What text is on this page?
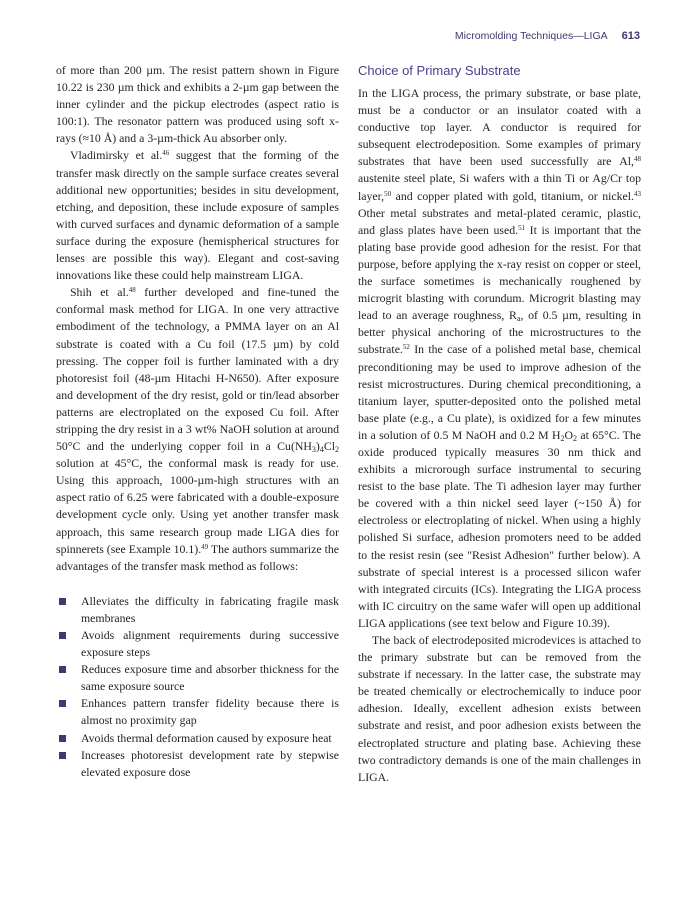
Micromolding Techniques—LIGA 613

of more than 200 µm. The resist pattern shown in Figure 10.22 is 230 µm thick and exhibits a 2-µm gap between the inner cylinder and the pickup electrodes (aspect ratio is 100:1). The resonator pattern was produced using soft x-rays (≈10 Å) and a 3-µm-thick Au absorber only.

Vladimirsky et al.$^{46}$ suggest that the forming of the transfer mask directly on the sample surface creates several additional new opportunities; besides in situ development, etching, and deposition, these include exposure of samples with curved surfaces and dynamic deformation of a sample surface during the exposure (hemispherical structures for lenses are possible this way). Elegant and cost-saving innovations like these could help mainstream LIGA.

Shih et al.$^{48}$ further developed and fine-tuned the conformal mask method for LIGA. In one very attractive embodiment of the technology, a PMMA layer on an Al substrate is coated with a Cu foil (17.5 µm) by cold pressing. The copper foil is further laminated with a dry photoresist foil (48-µm Hitachi H-N650). After exposure and development of the dry resist, gold or tin/lead absorber patterns are electroplated on the exposed Cu foil. After stripping the dry resist in a 3 wt% NaOH solution at around 50°C and the underlying copper foil in a $Cu(NH_3)_4Cl_2$ solution at 45°C, the conformal mask is ready for use. Using this approach, 1000-µm-high structures with an aspect ratio of 6.25 were fabricated with a double-exposure development cycle only. Using yet another transfer mask approach, this same research group made LIGA dies for spinnerets (see Example 10.1).$^{49}$ The authors summarize the advantages of the transfer mask method as follows:

Alleviates the difficulty in fabricating fragile mask membranes
Avoids alignment requirements during successive exposure steps
Reduces exposure time and absorber thickness for the same exposure source
Enhances pattern transfer fidelity because there is almost no proximity gap
Avoids thermal deformation caused by exposure heat
Increases photoresist development rate by stepwise elevated exposure dose
Choice of Primary Substrate

In the LIGA process, the primary substrate, or base plate, must be a conductor or an insulator coated with a conductive top layer. A conductor is required for subsequent electrodeposition. Some examples of primary substrates that have been used successfully are Al,$^{48}$ austenite steel plate, Si wafers with a thin Ti or Ag/Cr top layer,$^{50}$ and copper plated with gold, titanium, or nickel.$^{43}$ Other metal substrates and metal-plated ceramic, plastic, and glass plates have been used.$^{51}$ It is important that the plating base provide good adhesion for the resist. For that purpose, before applying the x-ray resist on copper or steel, the surface sometimes is mechanically roughened by microgrit blasting with corundum. Microgrit blasting may lead to an average roughness, $R_a$, of 0.5 µm, resulting in better physical anchoring of the microstructures to the substrate.$^{52}$ In the case of a polished metal base, chemical preconditioning may be used to improve adhesion of the resist microstructures. During chemical preconditioning, a titanium layer, sputter-deposited onto the polished metal base plate (e.g., a Cu plate), is oxidized for a few minutes in a solution of 0.5 M NaOH and 0.2 M $H_2O_2$ at 65°C. The oxide produced typically measures 30 nm thick and exhibits a microrough surface instrumental to securing resist to the base plate. The Ti adhesion layer may further be covered with a thin nickel seed layer (~150 Å) for electroless or electroplating of nickel. When using a highly polished Si surface, adhesion promoters need to be added to the resist resin (see "Resist Adhesion" further below). A substrate of special interest is a processed silicon wafer with integrated circuits (ICs). Integrating the LIGA process with IC circuitry on the same wafer will open up additional LIGA applications (see text below and Figure 10.39).

The back of electrodeposited microdevices is attached to the primary substrate but can be removed from the substrate if necessary. In the latter case, the substrate may be treated chemically or electrochemically to induce poor adhesion. Ideally, excellent adhesion exists between substrate and resist, and poor adhesion exists between the electroplated structure and plating base. Achieving these two contradictory demands is one of the main challenges in LIGA.
